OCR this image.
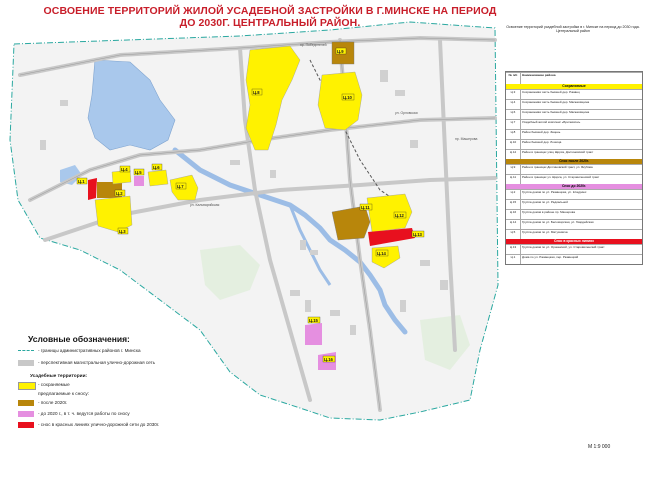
ОСВОЕНИЕ ТЕРРИТОРИЙ ЖИЛОЙ УСАДЕБНОЙ ЗАСТРОЙКИ В Г.МИНСКЕ НА ПЕРИОД ДО 2030Г. ЦЕНТРАЛЬНЫЙ РАЙОН.
Ц.1
Ц.2
Ц.3
Ц.4
Ц.5
Ц.6
Ц.7
Ц.8
Ц.9
Ц.10
Ц.11
Ц.12
Ц.13
Ц.14
Ц.15
Ц.16
пр. Победителей
ул. Орловская
ул. Кальварийская
пр. Машерова
Условные обозначения:
- границы административных районов г. Минска
- перспективная магистральная улично-дорожная сеть
Усадебные территории:
- сохраняемые
предлагаемые к сносу:
- после 2020г.
- до 2020 г., в т. ч. ведутся работы по сносу
- снос в красных линиях улично-дорожной сети до 2030г.
Освоение территорий усадебной застройки в г. Минске на период до 2030 года. Центральный район
№ п/п	Наименование района
Сохраняемые
Ц.3	Сохраняемая часть бывшей дер. Ржавец
Ц.4	Сохраняемая часть бывшей дер. Масюковщина
Ц.6	Сохраняемая часть бывшей дер. Масюковщина
Ц.7	Усадебный жилой комплекс «Брилевичи»
Ц.8	Район бывшей дер. Зацень
Ц.10	Район бывшей дер. Лошица
Ц.12	Район в границах улиц Щорса, Долгиновский тракт
Снос после 2020г.
Ц.9	Район в границах Долгиновский тракт, ул. Якубова
Ц.11	Район в границах ул. Щорса, ул. Старовиленский тракт
Снос до 2020г.
Ц.2	Группа домов по ул. Ржавецкая, ул. Клаудиюс
Ц.15	Группа домов по ул. Радиальной
Ц.16	Группа домов в районе пр. Машерова
Ц.14	Группа домов по ул. Беломорская, ул. Гвардейская
Ц.5	Группа домов по ул. Матусевича
Снос в красных линиях
Ц.13	Группа домов по ул. Оршанской, ул. Старовиленский тракт
Ц.1	Дома по ул. Ржавецкая, пер. Ржавецкий
М 1:9 000
